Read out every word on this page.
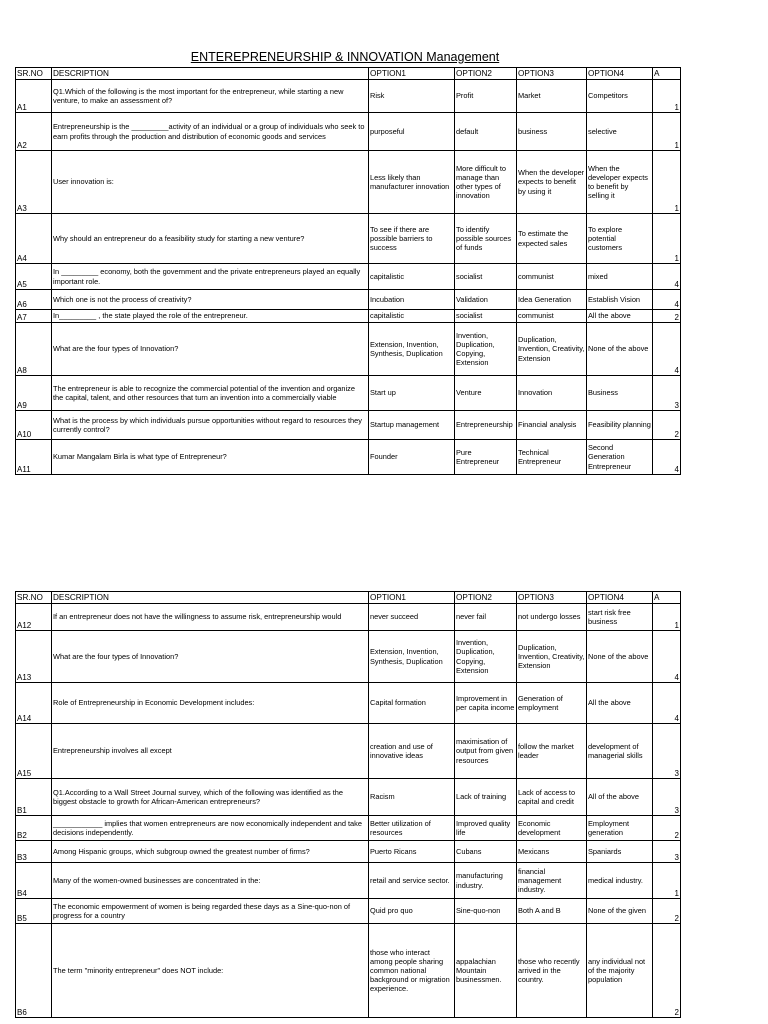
ENTEREPRENEURSHIP & INNOVATION Management
SR.NO	DESCRIPTION	OPTION1	OPTION2	OPTION3	OPTION4	A
A1	Q1.Which of the following is the most important for the entrepreneur, while starting a new venture, to make an assessment of?	Risk	Profit	Market	Competitors	1
A2	Entrepreneurship is the _________activity of an individual or a group of individuals who seek to earn profits through the production and distribution of economic goods and services	purposeful	default	business	selective	1
A3	User innovation is:	Less likely than manufacturer innovation	More difficult to manage than other types of innovation	When the developer expects to benefit by using it	When the developer expects to benefit by selling it	1
A4	Why should an entrepreneur do a feasibility study for starting a new venture?	To see if there are possible barriers to success	To identify possible sources of funds	To estimate the expected sales	To explore potential customers	1
A5	In _________ economy, both the government and the private entrepreneurs played an equally important role.	capitalistic	socialist	communist	mixed	4
A6	Which one is not the process of creativity?	Incubation	Validation	Idea Generation	Establish Vision	4
A7	In_________ , the state played the role of the entrepreneur.	capitalistic	socialist	communist	All the above	2
A8	What are the four types of Innovation?	Extension, Invention, Synthesis, Duplication	Invention, Duplication, Copying, Extension	Duplication, Invention, Creativity, Extension	None of the above	4
A9	The entrepreneur is able to recognize the commercial potential of the invention and organize the capital, talent, and other resources that turn an invention into a commercially viable	Start up	Venture	Innovation	Business	3
A10	What is the process by which individuals pursue opportunities without regard to resources they currently control?	Startup management	Entrepreneurship	Financial analysis	Feasibility planning	2
A11	Kumar Mangalam Birla is what type of Entrepreneur?	Founder	Pure Entrepreneur	Technical Entrepreneur	Second Generation Entrepreneur	4
SR.NO	DESCRIPTION	OPTION1	OPTION2	OPTION3	OPTION4	A
A12	If an entrepreneur does not have the willingness to assume risk, entrepreneurship would	never succeed	never fail	not undergo losses	start risk free business	1
A13	What are the four types of Innovation?	Extension, Invention, Synthesis, Duplication	Invention, Duplication, Copying, Extension	Duplication, Invention, Creativity, Extension	None of the above	4
A14	Role of Entrepreneurship in Economic Development includes:	Capital formation	Improvement in per capita income	Generation of employment	All the above	4
A15	Entrepreneurship involves all except	creation and use of innovative ideas	maximisation of output from given resources	follow the market leader	development of managerial skills	3
B1	Q1.According to a Wall Street Journal survey, which of the following was identified as the biggest obstacle to growth for African-American entrepreneurs?	Racism	Lack of training	Lack of access to capital and credit	All of the above	3
B2	____________ implies that women entrepreneurs are now economically independent and take decisions independently.	Better utilization of resources	Improved quality life	Economic development	Employment generation	2
B3	Among Hispanic groups, which subgroup owned the greatest number of firms?	Puerto Ricans	Cubans	Mexicans	Spaniards	3
B4	Many of the women-owned businesses are concentrated in the:	retail and service sector.	manufacturing industry.	financial management industry.	medical industry.	1
B5	The economic empowerment of women is being regarded these days as a Sine-quo-non of progress for a country	Quid pro quo	Sine-quo-non	Both A and B	None of the given	2
B6	The term "minority entrepreneur" does NOT include:	those who interact among people sharing common national background or migration experience.	appalachian Mountain businessmen.	those who recently arrived in the country.	any individual not of the majority population	2
